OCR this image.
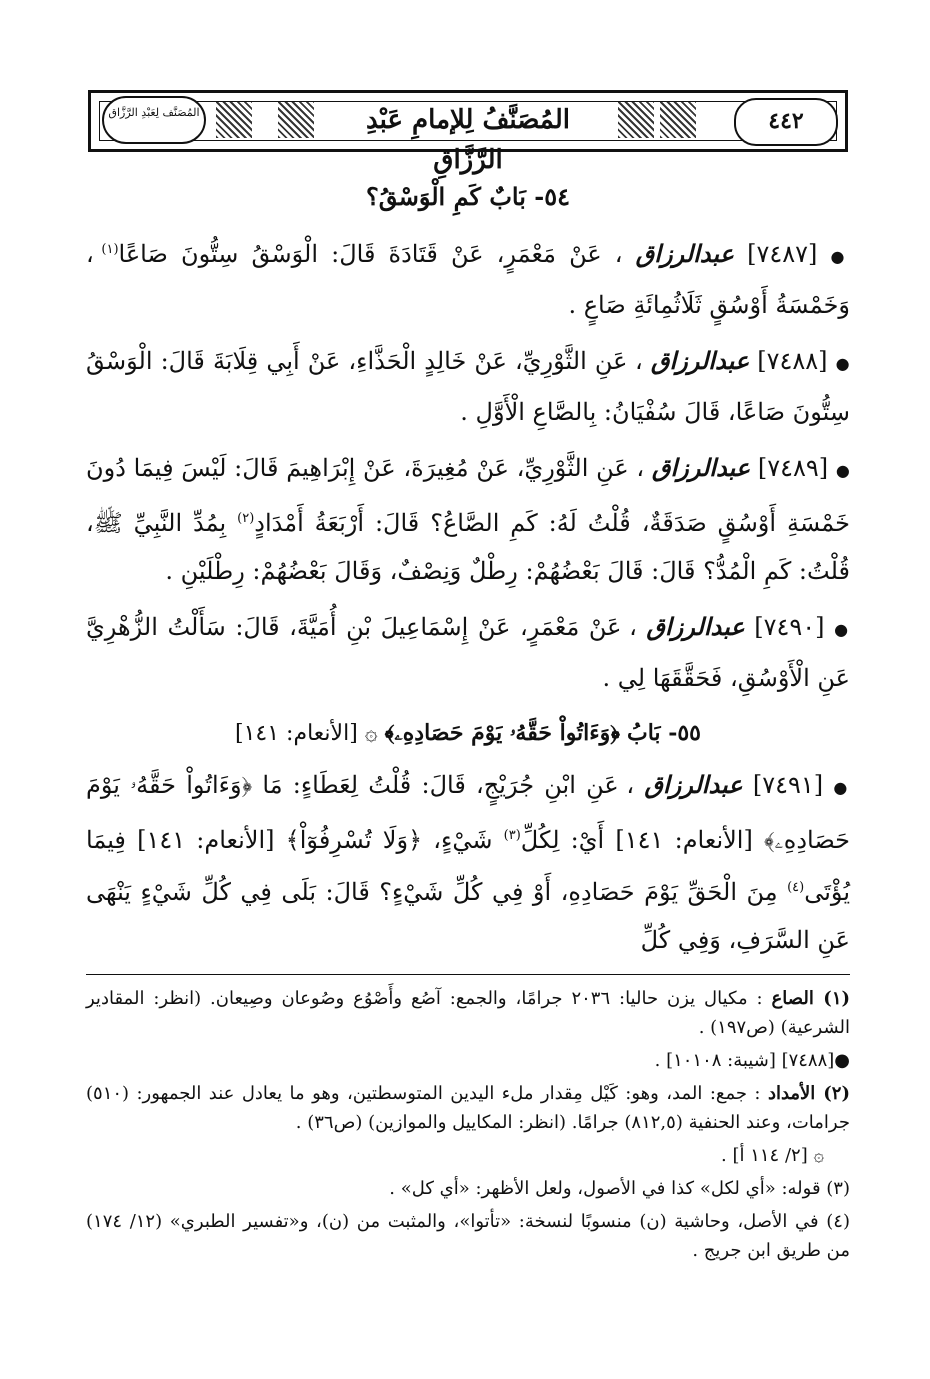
المُصَنَّف لِعَبْدِ الرَّزَّاق	المُصَنَّفُ لِلإمامِ عَبْدِ الرَّزَّاقِ
٤٤٢
٥٤- بَابٌ كَمِ الْوَسْقُ؟

● [٧٤٨٧] عبدالرزاق ، عَنْ مَعْمَرٍ، عَنْ قَتَادَةَ قَالَ: الْوَسْقُ سِتُّونَ صَاعًا$^{(١)}$ ، وَخَمْسَةُ أَوْسُقٍ ثَلَاثُمِائَةِ صَاعٍ .

● [٧٤٨٨] عبدالرزاق ، عَنِ الثَّوْرِيِّ، عَنْ خَالِدٍ الْحَذَّاءِ، عَنْ أَبِي قِلَابَةَ قَالَ: الْوَسْقُ سِتُّونَ صَاعًا، قَالَ سُفْيَانُ: بِالصَّاعِ الْأَوَّلِ .

● [٧٤٨٩] عبدالرزاق ، عَنِ الثَّوْرِيِّ، عَنْ مُغِيرَةَ، عَنْ إِبْرَاهِيمَ قَالَ: لَيْسَ فِيمَا دُونَ خَمْسَةِ أَوْسُقٍ صَدَقَةٌ، قُلْتُ لَهُ: كَمِ الصَّاعُ؟ قَالَ: أَرْبَعَةُ أَمْدَادٍ$^{(٢)}$ بِمُدِّ النَّبِيِّ ﷺ، قُلْتُ: كَمِ الْمُدُّ؟ قَالَ: قَالَ بَعْضُهُمْ: رِطْلٌ وَنِصْفٌ، وَقَالَ بَعْضُهُمْ: رِطْلَيْنِ .

● [٧٤٩٠] عبدالرزاق ، عَنْ مَعْمَرٍ، عَنْ إِسْمَاعِيلَ بْنِ أُمَيَّةَ، قَالَ: سَأَلْتُ الزُّهْرِيَّ عَنِ الْأَوْسُقِ، فَحَقَّقَهَا لِي .

٥٥- بَابُ ﴿وَءَاتُواْ حَقَّهُۥ يَوْمَ حَصَادِهِۦ﴾ ۞ [الأنعام: ١٤١]

● [٧٤٩١] عبدالرزاق ، عَنِ ابْنِ جُرَيْجٍ، قَالَ: قُلْتُ لِعَطَاءٍ: مَا ﴿وَءَاتُواْ حَقَّهُۥ يَوْمَ حَصَادِهِۦ﴾ [الأنعام: ١٤١] أَيْ: لِكُلِّ$^{(٣)}$ شَيْءٍ، ﴿وَلَا تُسْرِفُوٓاْ﴾ [الأنعام: ١٤١] فِيمَا يُؤْتَى$^{(٤)}$ مِنَ الْحَقِّ يَوْمَ حَصَادِهِ، أَوْ فِي كُلِّ شَيْءٍ؟ قَالَ: بَلَى فِي كُلِّ شَيْءٍ يَنْهَى عَنِ السَّرَفِ، وَفِي كُلِّ

(١) الصاع : مكيال يزن حاليا: ٢٠٣٦ جرامًا، والجمع: آصُع وأَصْوُع وصُوعان وصِيعان. (انظر: المقادير الشرعية) (ص١٩٧) .

●[٧٤٨٨] [شيبة: ١٠١٠٨] .

(٢) الأمداد : جمع: المد، وهو: كَيْل مِقدار ملء اليدين المتوسطتين، وهو ما يعادل عند الجمهور: (٥١٠) جرامات، وعند الحنفية (٨١٢,٥) جرامًا. (انظر: المكاييل والموازين) (ص٣٦) .

۞ [٢/ ١١٤ أ] .

(٣) قوله: «أي لكل» كذا في الأصول، ولعل الأظهر: «أي كل» .

(٤) في الأصل، وحاشية (ن) منسوبًا لنسخة: «تأتوا»، والمثبت من (ن)، و«تفسير الطبري» (١٢/ ١٧٤) من طريق ابن جريج .
